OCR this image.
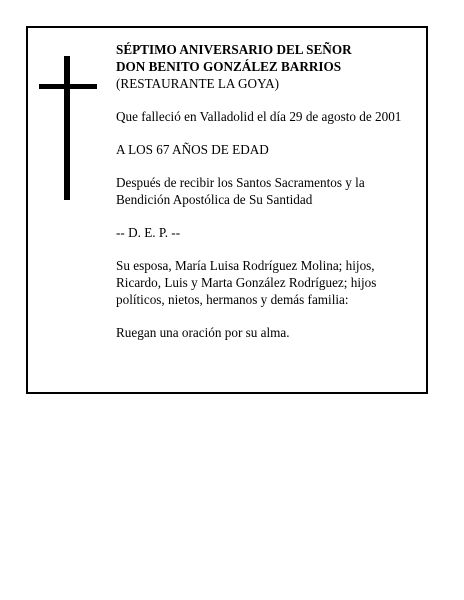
SÉPTIMO ANIVERSARIO DEL SEÑOR

DON BENITO GONZÁLEZ BARRIOS

(RESTAURANTE LA GOYA)

Que falleció en Valladolid el día 29 de agosto de 2001

A LOS 67 AÑOS DE EDAD

Después de recibir los Santos Sacramentos y la Bendición Apostólica de Su Santidad

-- D. E. P. --

Su esposa, María Luisa Rodríguez Molina; hijos, Ricardo, Luis y Marta González Rodríguez; hijos políticos, nietos, hermanos y demás familia:

Ruegan una oración por su alma.
